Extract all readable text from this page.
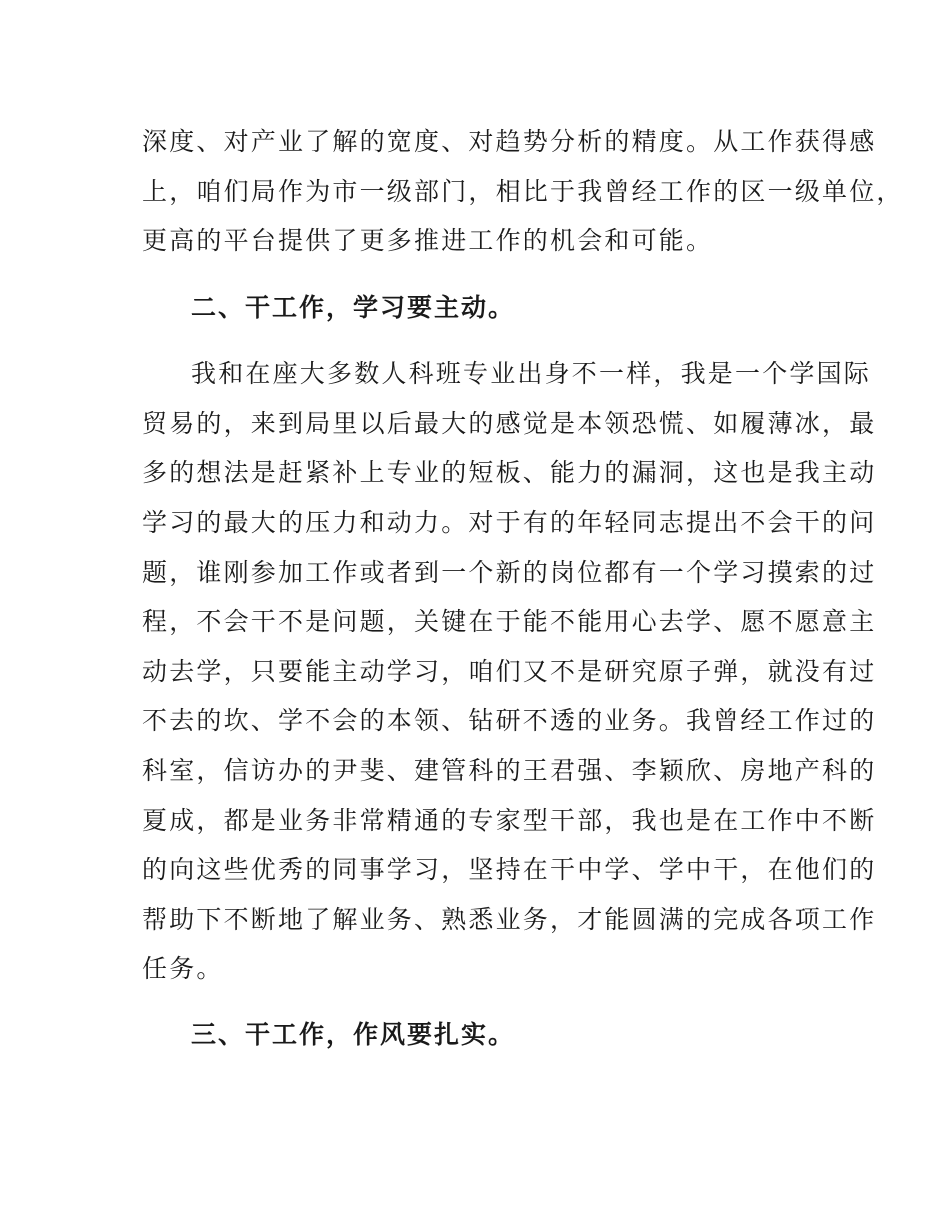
深度、对产业了解的宽度、对趋势分析的精度。从工作获得感
上，咱们局作为市一级部门，相比于我曾经工作的区一级单位，
更高的平台提供了更多推进工作的机会和可能。
二、干工作，学习要主动。
我和在座大多数人科班专业出身不一样，我是一个学国际
贸易的，来到局里以后最大的感觉是本领恐慌、如履薄冰，最
多的想法是赶紧补上专业的短板、能力的漏洞，这也是我主动
学习的最大的压力和动力。对于有的年轻同志提出不会干的问
题，谁刚参加工作或者到一个新的岗位都有一个学习摸索的过
程，不会干不是问题，关键在于能不能用心去学、愿不愿意主
动去学，只要能主动学习，咱们又不是研究原子弹，就没有过
不去的坎、学不会的本领、钻研不透的业务。我曾经工作过的
科室，信访办的尹斐、建管科的王君强、李颖欣、房地产科的
夏成，都是业务非常精通的专家型干部，我也是在工作中不断
的向这些优秀的同事学习，坚持在干中学、学中干，在他们的
帮助下不断地了解业务、熟悉业务，才能圆满的完成各项工作
任务。
三、干工作，作风要扎实。
